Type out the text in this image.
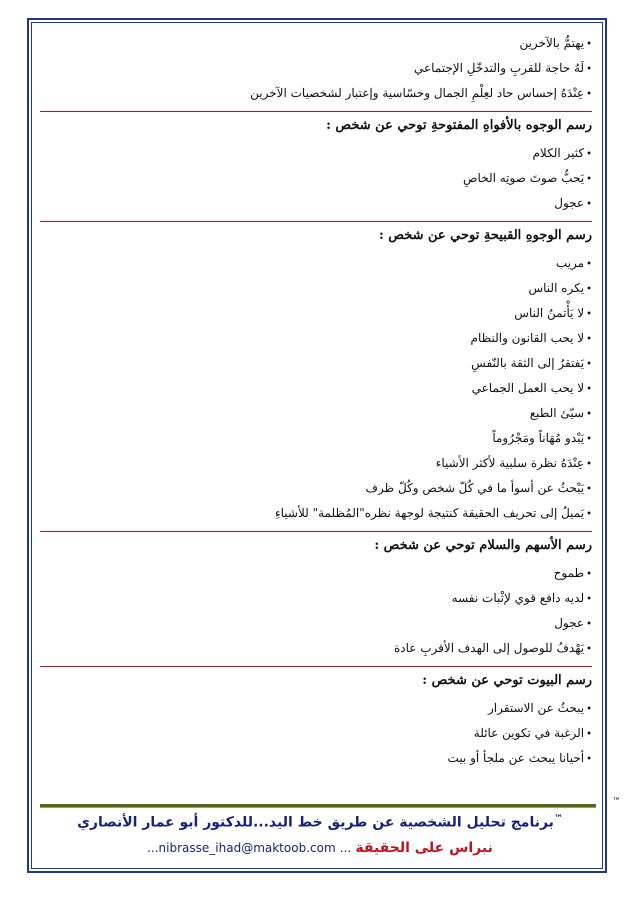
•يهتمُّ بالآخرين
•لَهُ حاجة للقربِ والتدخّلِ الإجتماعي
•عِنْدَهُ إحساس حاد لعِلْمِ الجمال وحسّاسية وإعتبار لشخصيات الآخرين
رسم الوجوه بالأفواهِ المفتوحةِ توحي عن شخص :
•كثير الكلام
•يَحبُّ صوتَ صوتِه الخاصِ
•عجول
رسم الوجوهِ القبيحةِ توحي عن شخص :
•مريب
•يكره الناس
•لا يَأْتمنُ الناس
•لا يحب القانون والنظام
•يَفتقرُ إلى الثقة بالنّفسِ
•لا يحب العمل الجماعي
•سيّئ الطبع
•يَبْدو مُهَاناً ومَجْرُوماً
•عِنْدَهُ نظرة سلبية لأكثر الأشياء
•يَبْحثُ عن أسوأ ما في كُلّ شخص وكُلّ ظرف
•يَميلُ إلى تحريف الحقيقة كنتيجة لوجهة نظره"المُظلمة" للأشياءِ
رسم الأسهم والسلام توحي عن شخص :
•طموح
•لديه دافع قوي لإثْبات نفسه
•عجول
•يَهْدفُ للوصول إلى الهدف الأقربِ عادة
رسم البيوت توحي عن شخص :
•يبحثُ عن الاستقرار
•الرغبة في تكوين عائلة
•أحيانا يبحث عن ملجأ أو بيت
™
™برنامج تحليل الشخصية عن طريق خط اليد...للدكتور أبو عمار الأنصاري
نبراس على الحقيقة ... ...nibrasse_ihad@maktoob.com
